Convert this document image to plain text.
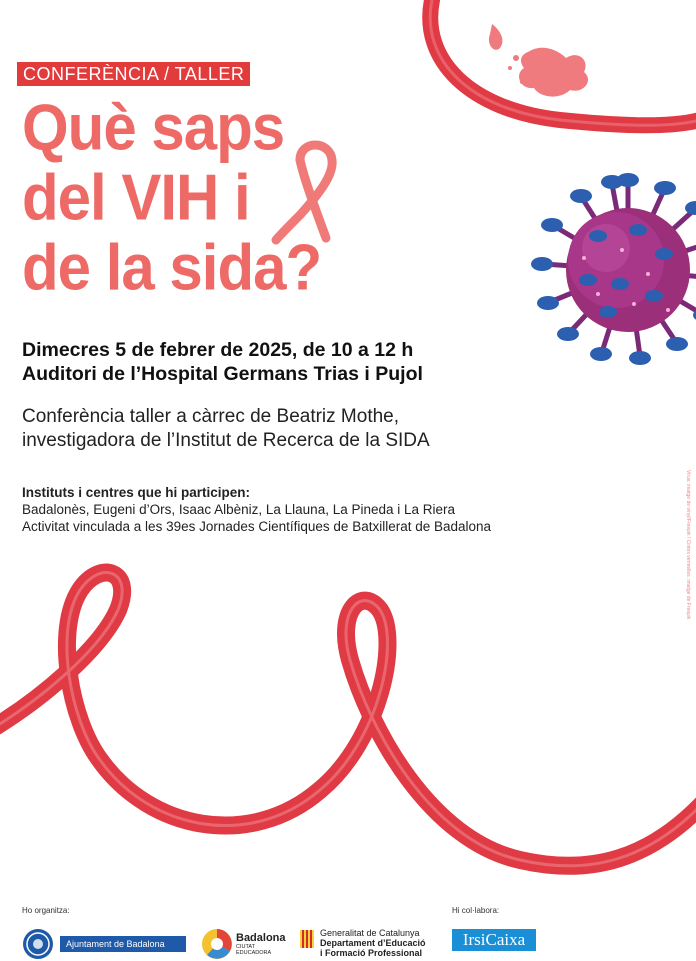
CONFERÈNCIA / TALLER
Què saps
del VIH i
de la sida?
Dimecres 5 de febrer de 2025, de 10 a 12 h
Auditori de l’Hospital Germans Trias i Pujol
Conferència taller a càrrec de Beatriz Mothe,
investigadora de l’Institut de Recerca de la SIDA
Instituts i centres que hi participen:
Badalonès, Eugeni d’Ors, Isaac Albèniz, La Llauna, La Pineda i La Riera
Activitat vinculada a les 39es Jornades Científiques de Batxillerat de Badalona	Virus: imatge de vinyl/Freepik / Cintes vermelles: imatge de Freepik
Ho organitza:	Hi col·labora:
Ajuntament de Badalona	Badalona
CIUTAT
EDUCADORA
Generalitat de Catalunya
Departament d’Educació
i Formació Professional
IrsiCaixa
